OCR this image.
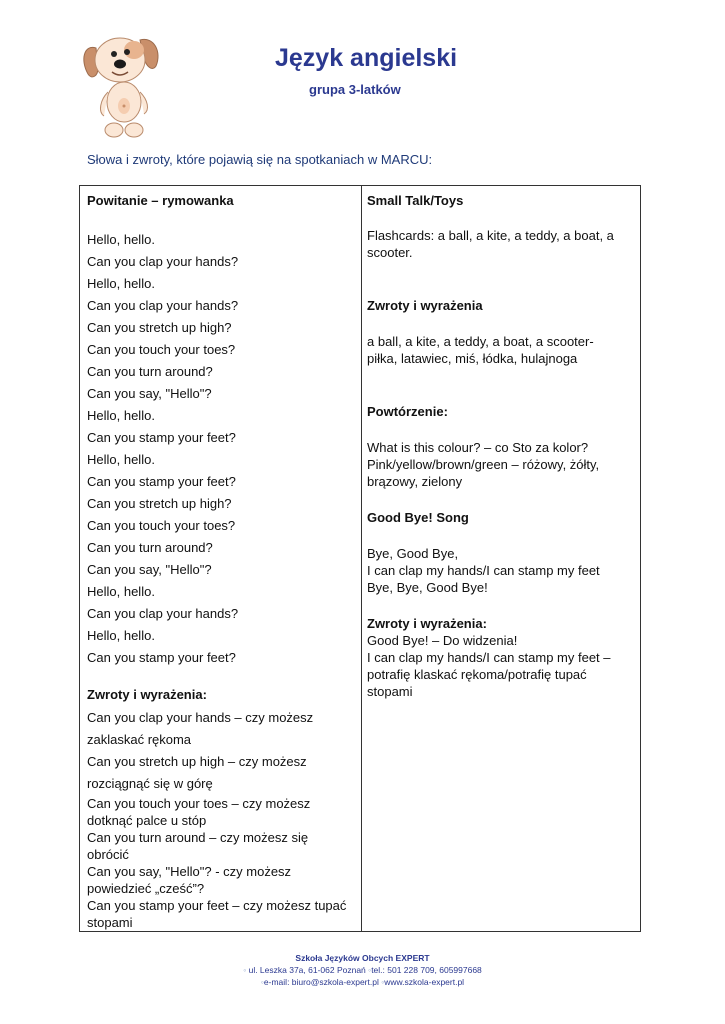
Język angielski
grupa 3-latków
Słowa i zwroty, które pojawią się na spotkaniach w MARCU:
Powitanie – rymowanka
Hello, hello.
Can you clap your hands?
Hello, hello.
Can you clap your hands?
Can you stretch up high?
Can you touch your toes?
Can you turn around?
Can you say, "Hello"?
Hello, hello.
Can you stamp your feet?
Hello, hello.
Can you stamp your feet?
Can you stretch up high?
Can you touch your toes?
Can you turn around?
Can you say, "Hello"?
Hello, hello.
Can you clap your hands?
Hello, hello.
Can you stamp your feet?
Zwroty i wyrażenia:
Can you clap your hands – czy możesz
zaklaskać rękoma
Can you stretch up high – czy możesz
rozciągnąć się w górę
Can you touch your toes – czy możesz
dotknąć palce u stóp
Can you turn around – czy możesz się
obrócić
Can you say, "Hello"? - czy możesz
powiedzieć „cześć”?
Can you stamp your feet – czy możesz tupać
stopami
Small Talk/Toys
Flashcards: a ball, a kite, a teddy, a boat, a scooter.
Zwroty i wyrażenia
a ball, a kite, a teddy, a boat, a scooter-
piłka, latawiec, miś, łódka, hulajnoga
Powtórzenie:
What is this colour? – co Sto za kolor?
Pink/yellow/brown/green – różowy, żółty, brązowy, zielony
Good Bye! Song
Bye, Good Bye,
I can clap my hands/I can stamp my feet
Bye, Bye, Good Bye!
Zwroty i wyrażenia:
Good Bye! – Do widzenia!
I can clap my hands/I can stamp my feet – potrafię klaskać rękoma/potrafię tupać stopami
Szkoła Języków Obcych EXPERT
◦ ul. Leszka 37a, 61-062 Poznań ◦tel.: 501 228 709, 605997668
◦e-mail: biuro@szkola-expert.pl ◦www.szkola-expert.pl
